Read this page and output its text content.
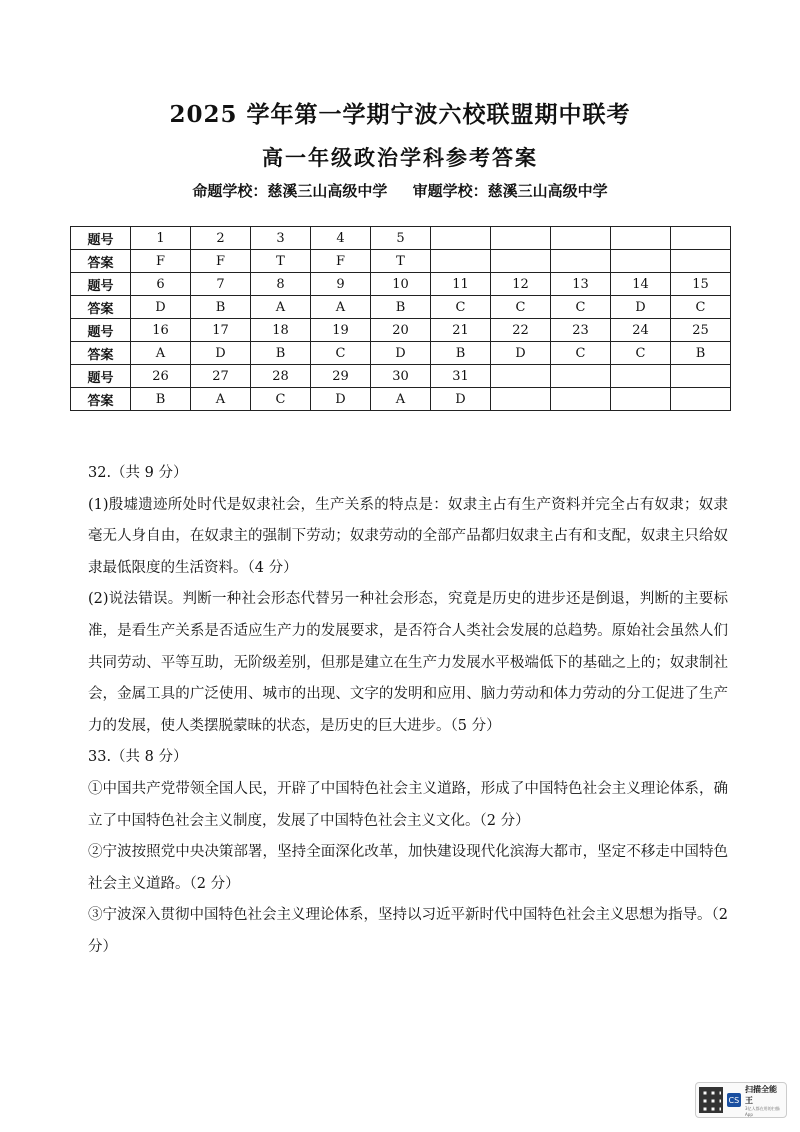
2025 学年第一学期宁波六校联盟期中联考
高一年级政治学科参考答案
命题学校：慈溪三山高级中学 审题学校：慈溪三山高级中学
题号	1	2	3	4	5					
答案	F	F	T	F	T					
题号	6	7	8	9	10	11	12	13	14	15
答案	D	B	A	A	B	C	C	C	D	C
题号	16	17	18	19	20	21	22	23	24	25
答案	A	D	B	C	D	B	D	C	C	B
题号	26	27	28	29	30	31				
答案	B	A	C	D	A	D				

32.（共 9 分）

(1)殷墟遗迹所处时代是奴隶社会，生产关系的特点是：奴隶主占有生产资料并完全占有奴隶；奴隶毫无人身自由，在奴隶主的强制下劳动；奴隶劳动的全部产品都归奴隶主占有和支配，奴隶主只给奴隶最低限度的生活资料。（4 分）

(2)说法错误。判断一种社会形态代替另一种社会形态，究竟是历史的进步还是倒退，判断的主要标准，是看生产关系是否适应生产力的发展要求，是否符合人类社会发展的总趋势。原始社会虽然人们共同劳动、平等互助，无阶级差别，但那是建立在生产力发展水平极端低下的基础之上的；奴隶制社会，金属工具的广泛使用、城市的出现、文字的发明和应用、脑力劳动和体力劳动的分工促进了生产力的发展，使人类摆脱蒙昧的状态，是历史的巨大进步。（5 分）

33.（共 8 分）

①中国共产党带领全国人民，开辟了中国特色社会主义道路，形成了中国特色社会主义理论体系，确立了中国特色社会主义制度，发展了中国特色社会主义文化。（2 分）

②宁波按照党中央决策部署，坚持全面深化改革，加快建设现代化滨海大都市，坚定不移走中国特色社会主义道路。（2 分）

③宁波深入贯彻中国特色社会主义理论体系，坚持以习近平新时代中国特色社会主义思想为指导。（2 分）

CS
扫描全能王
3亿人都在用的扫描App
